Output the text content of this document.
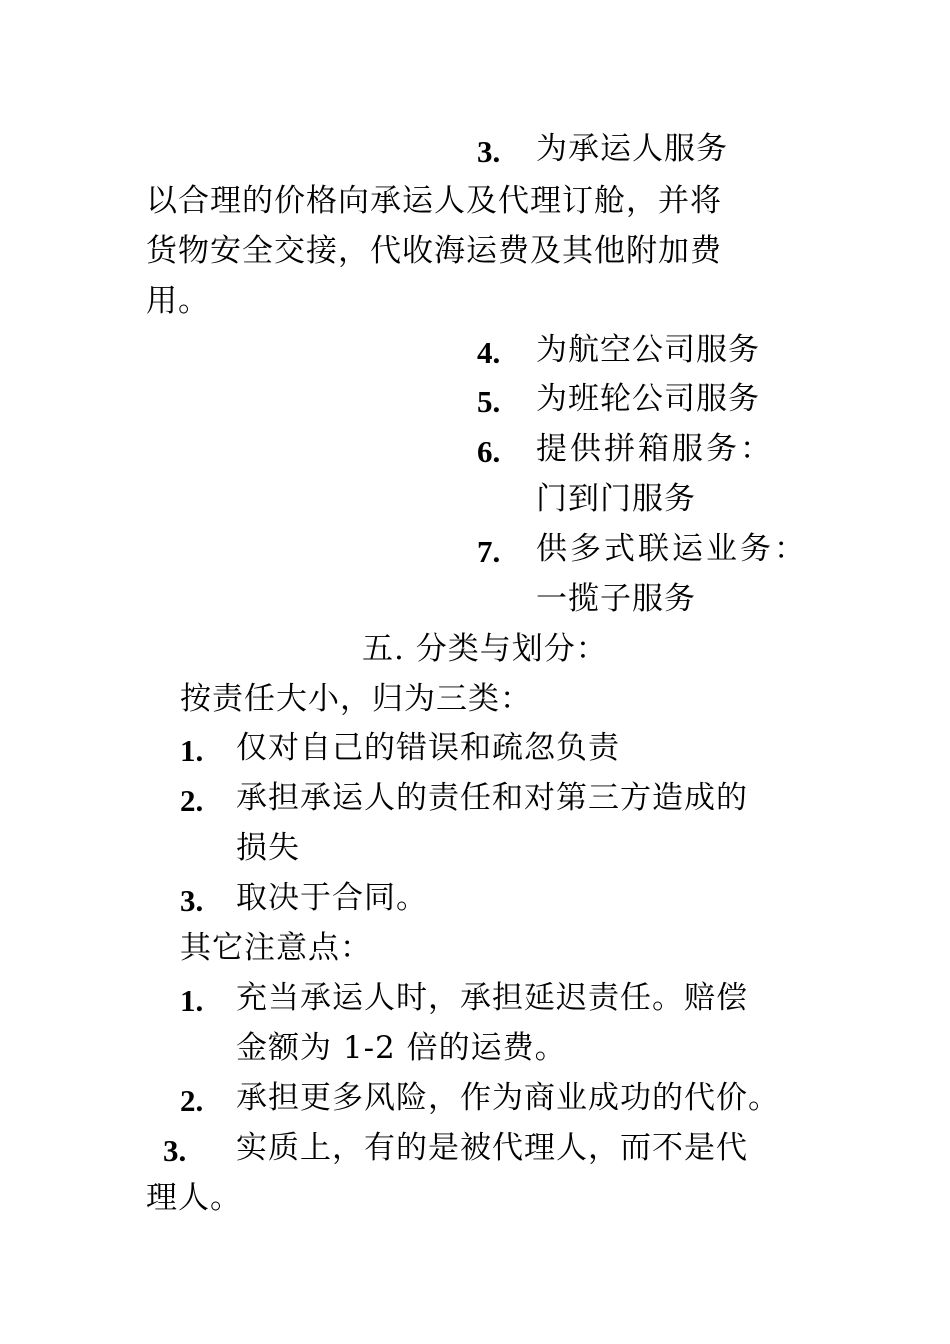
3. 为承运人服务
以合理的价格向承运人及代理订舱，并将
货物安全交接，代收海运费及其他附加费
用。
4. 为航空公司服务
5. 为班轮公司服务
6. 提供拼箱服务：
门到门服务
7. 供多式联运业务：
一揽子服务
五. 分类与划分：
按责任大小，归为三类：
1. 仅对自己的错误和疏忽负责
2. 承担承运人的责任和对第三方造成的
损失
3. 取决于合同。
其它注意点：
1. 充当承运人时，承担延迟责任。赔偿
金额为 1-2 倍的运费。
2. 承担更多风险，作为商业成功的代价。
3. 实质上，有的是被代理人，而不是代
理人。
